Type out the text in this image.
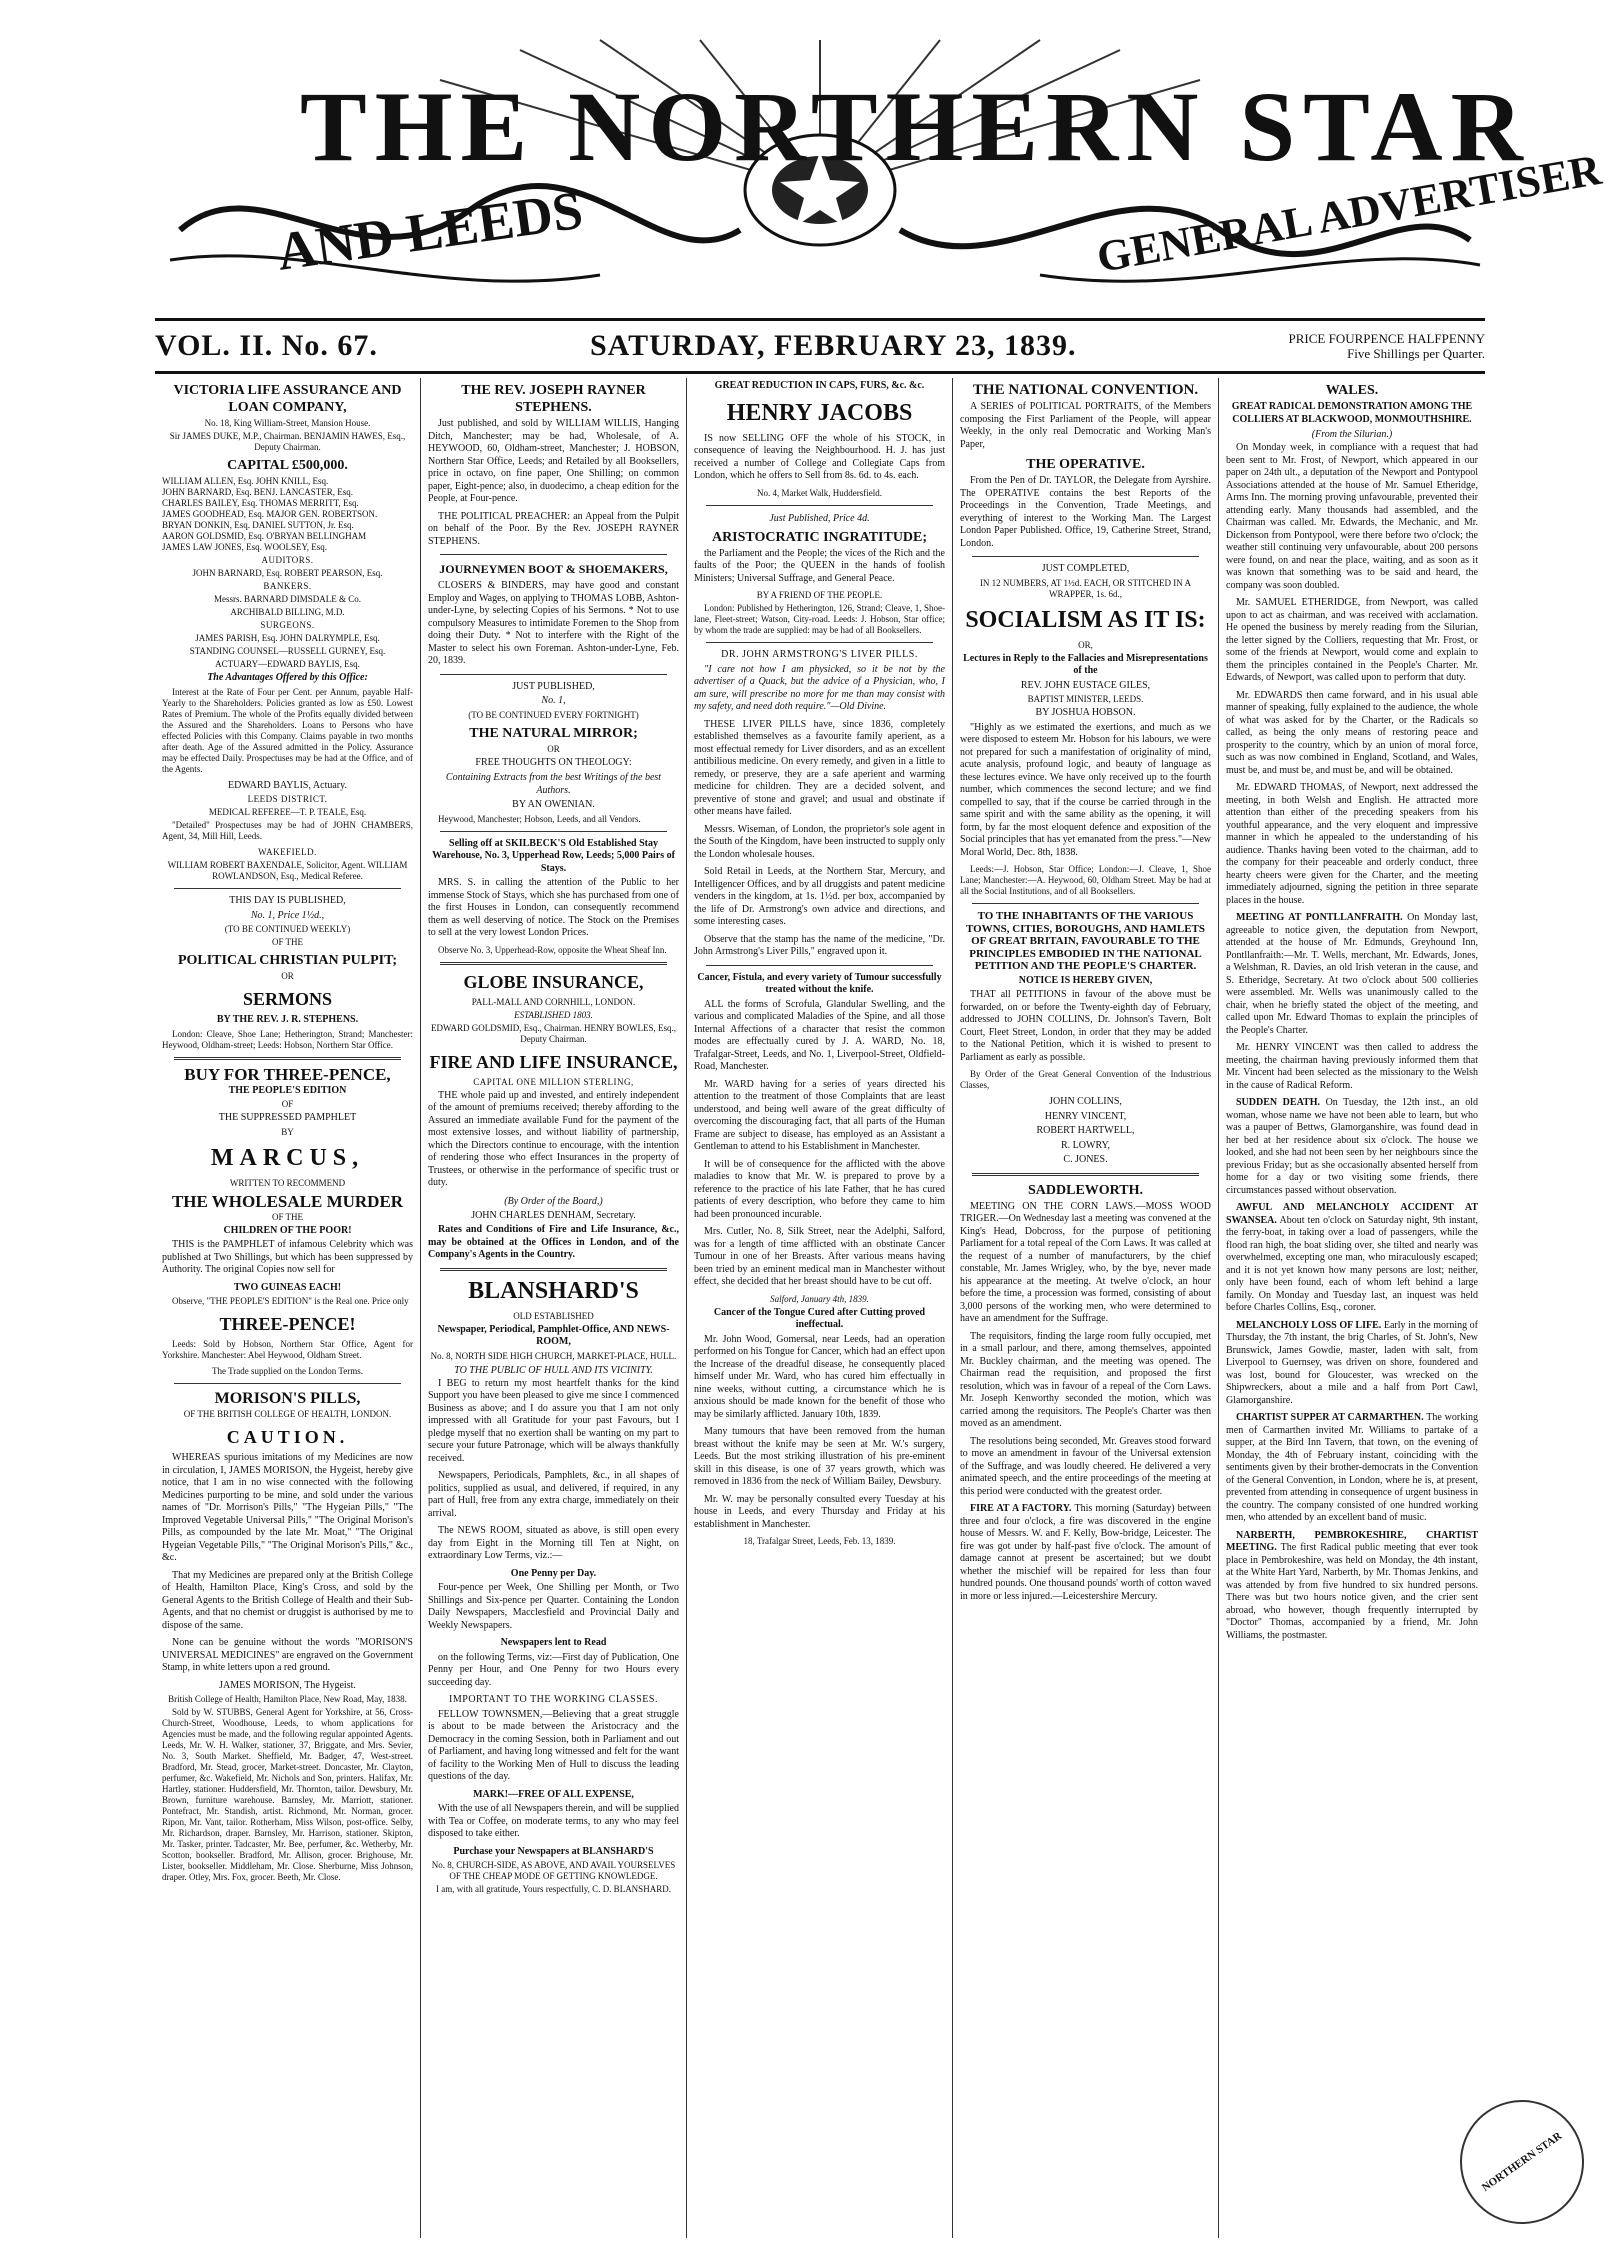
THE NORTHERN STAR
AND LEEDS	GENERAL ADVERTISER
VOL. II. No. 67.	SATURDAY, FEBRUARY 23, 1839.	PRICE FOURPENCE HALFPENNY
Five Shillings per Quarter.
VICTORIA LIFE ASSURANCE AND LOAN COMPANY,
No. 18, King William-Street, Mansion House.
Sir JAMES DUKE, M.P., Chairman. BENJAMIN HAWES, Esq., Deputy Chairman.
CAPITAL £500,000.
WILLIAM ALLEN, Esq. JOHN KNILL, Esq.
JOHN BARNARD, Esq. BENJ. LANCASTER, Esq.
CHARLES BAILEY, Esq. THOMAS MERRITT, Esq.
JAMES GOODHEAD, Esq. MAJOR GEN. ROBERTSON.
BRYAN DONKIN, Esq. DANIEL SUTTON, Jr. Esq.
AARON GOLDSMID, Esq. O'BRYAN BELLINGHAM
JAMES LAW JONES, Esq. WOOLSEY, Esq.
AUDITORS.
JOHN BARNARD, Esq. ROBERT PEARSON, Esq.
BANKERS.
Messrs. BARNARD DIMSDALE & Co.
ARCHIBALD BILLING, M.D.
SURGEONS.
JAMES PARISH, Esq. JOHN DALRYMPLE, Esq.
STANDING COUNSEL—RUSSELL GURNEY, Esq.
ACTUARY—EDWARD BAYLIS, Esq.
The Advantages Offered by this Office:

Interest at the Rate of Four per Cent. per Annum, payable Half-Yearly to the Shareholders. Policies granted as low as £50. Lowest Rates of Premium. The whole of the Profits equally divided between the Assured and the Shareholders. Loans to Persons who have effected Policies with this Company. Claims payable in two months after death. Age of the Assured admitted in the Policy. Assurance may be effected Daily. Prospectuses may be had at the Office, and of the Agents.

EDWARD BAYLIS, Actuary.
LEEDS DISTRICT.
MEDICAL REFEREE—T. P. TEALE, Esq.

"Detailed" Prospectuses may be had of JOHN CHAMBERS, Agent, 34, Mill Hill, Leeds.

WAKEFIELD.
WILLIAM ROBERT BAXENDALE, Solicitor, Agent. WILLIAM ROWLANDSON, Esq., Medical Referee.
THIS DAY IS PUBLISHED,
No. 1, Price 1½d.,
(TO BE CONTINUED WEEKLY)
OF THE
POLITICAL CHRISTIAN PULPIT;
OR
SERMONS
BY THE REV. J. R. STEPHENS.

London: Cleave, Shoe Lane; Hetherington, Strand; Manchester: Heywood, Oldham-street; Leeds: Hobson, Northern Star Office.

BUY FOR THREE-PENCE,
THE PEOPLE'S EDITION
OF
THE SUPPRESSED PAMPHLET
BY
MARCUS,
WRITTEN TO RECOMMEND
THE WHOLESALE MURDER
OF THE
CHILDREN OF THE POOR!

THIS is the PAMPHLET of infamous Celebrity which was published at Two Shillings, but which has been suppressed by Authority. The original Copies now sell for

TWO GUINEAS EACH!

Observe, "THE PEOPLE'S EDITION" is the Real one. Price only

THREE-PENCE!

Leeds: Sold by Hobson, Northern Star Office, Agent for Yorkshire. Manchester: Abel Heywood, Oldham Street.

The Trade supplied on the London Terms.
MORISON'S PILLS,
OF THE BRITISH COLLEGE OF HEALTH, LONDON.
CAUTION.

WHEREAS spurious imitations of my Medicines are now in circulation, I, JAMES MORISON, the Hygeist, hereby give notice, that I am in no wise connected with the following Medicines purporting to be mine, and sold under the various names of "Dr. Morrison's Pills," "The Hygeian Pills," "The Improved Vegetable Universal Pills," "The Original Morison's Pills, as compounded by the late Mr. Moat," "The Original Hygeian Vegetable Pills," "The Original Morison's Pills," &c., &c.

That my Medicines are prepared only at the British College of Health, Hamilton Place, King's Cross, and sold by the General Agents to the British College of Health and their Sub-Agents, and that no chemist or druggist is authorised by me to dispose of the same.

None can be genuine without the words "MORISON'S UNIVERSAL MEDICINES" are engraved on the Government Stamp, in white letters upon a red ground.

JAMES MORISON, The Hygeist.
British College of Health, Hamilton Place, New Road, May, 1838.

Sold by W. STUBBS, General Agent for Yorkshire, at 56, Cross-Church-Street, Woodhouse, Leeds, to whom applications for Agencies must be made, and the following regular appointed Agents. Leeds, Mr. W. H. Walker, stationer, 37, Briggate, and Mrs. Sevier, No. 3, South Market. Sheffield, Mr. Badger, 47, West-street. Bradford, Mr. Stead, grocer, Market-street. Doncaster, Mr. Clayton, perfumer, &c. Wakefield, Mr. Nichols and Son, printers. Halifax, Mr. Hartley, stationer. Huddersfield, Mr. Thornton, tailor. Dewsbury, Mr. Brown, furniture warehouse. Barnsley, Mr. Marriott, stationer. Pontefract, Mr. Standish, artist. Richmond, Mr. Norman, grocer. Ripon, Mr. Vant, tailor. Rotherham, Miss Wilson, post-office. Selby, Mr. Richardson, draper. Barnsley, Mr. Harrison, stationer. Skipton, Mr. Tasker, printer. Tadcaster, Mr. Bee, perfumer, &c. Wetherby, Mr. Scotton, bookseller. Bradford, Mr. Allison, grocer. Brighouse, Mr. Lister, bookseller. Middleham, Mr. Close. Sherburne, Miss Johnson, draper. Otley, Mrs. Fox, grocer. Beeth, Mr. Close.

THE REV. JOSEPH RAYNER STEPHENS.

Just published, and sold by WILLIAM WILLIS, Hanging Ditch, Manchester; may be had, Wholesale, of A. HEYWOOD, 60, Oldham-street, Manchester; J. HOBSON, Northern Star Office, Leeds; and Retailed by all Booksellers, price in octavo, on fine paper, One Shilling; on common paper, Eight-pence; also, in duodecimo, a cheap edition for the People, at Four-pence.

THE POLITICAL PREACHER: an Appeal from the Pulpit on behalf of the Poor. By the Rev. JOSEPH RAYNER STEPHENS.

JOURNEYMEN BOOT & SHOEMAKERS,

CLOSERS & BINDERS, may have good and constant Employ and Wages, on applying to THOMAS LOBB, Ashton-under-Lyne, by selecting Copies of his Sermons. * Not to use compulsory Measures to intimidate Foremen to the Shop from doing their Duty. * Not to interfere with the Right of the Master to select his own Foreman. Ashton-under-Lyne, Feb. 20, 1839.

JUST PUBLISHED,
No. 1,
(TO BE CONTINUED EVERY FORTNIGHT)
THE NATURAL MIRROR;
OR
FREE THOUGHTS ON THEOLOGY:
Containing Extracts from the best Writings of the best Authors.
BY AN OWENIAN.

Heywood, Manchester; Hobson, Leeds, and all Vendors.

Selling off at SKILBECK'S Old Established Stay Warehouse, No. 3, Upperhead Row, Leeds; 5,000 Pairs of Stays.

MRS. S. in calling the attention of the Public to her immense Stock of Stays, which she has purchased from one of the first Houses in London, can consequently recommend them as well deserving of notice. The Stock on the Premises to sell at the very lowest London Prices.

Observe No. 3, Upperhead-Row, opposite the Wheat Sheaf Inn.

GLOBE INSURANCE,
PALL-MALL AND CORNHILL, LONDON.
ESTABLISHED 1803.
EDWARD GOLDSMID, Esq., Chairman. HENRY BOWLES, Esq., Deputy Chairman.
FIRE AND LIFE INSURANCE,
CAPITAL ONE MILLION STERLING,

THE whole paid up and invested, and entirely independent of the amount of premiums received; thereby affording to the Assured an immediate available Fund for the payment of the most extensive losses, and without liability of partnership, which the Directors continue to encourage, with the intention of rendering those who effect Insurances in the property of Trustees, or otherwise in the performance of specific trust or duty.

(By Order of the Board,)
JOHN CHARLES DENHAM, Secretary.

Rates and Conditions of Fire and Life Insurance, &c., may be obtained at the Offices in London, and of the Company's Agents in the Country.

BLANSHARD'S
OLD ESTABLISHED
Newspaper, Periodical, Pamphlet-Office, AND NEWS-ROOM,
No. 8, NORTH SIDE HIGH CHURCH, MARKET-PLACE, HULL.
TO THE PUBLIC OF HULL AND ITS VICINITY.

I BEG to return my most heartfelt thanks for the kind Support you have been pleased to give me since I commenced Business as above; and I do assure you that I am not only impressed with all Gratitude for your past Favours, but I pledge myself that no exertion shall be wanting on my part to secure your future Patronage, which will be always thankfully received.

Newspapers, Periodicals, Pamphlets, &c., in all shapes of politics, supplied as usual, and delivered, if required, in any part of Hull, free from any extra charge, immediately on their arrival.

The NEWS ROOM, situated as above, is still open every day from Eight in the Morning till Ten at Night, on extraordinary Low Terms, viz.:—

One Penny per Day.

Four-pence per Week, One Shilling per Month, or Two Shillings and Six-pence per Quarter. Containing the London Daily Newspapers, Macclesfield and Provincial Daily and Weekly Newspapers.

Newspapers lent to Read

on the following Terms, viz:—First day of Publication, One Penny per Hour, and One Penny for two Hours every succeeding day.

IMPORTANT TO THE WORKING CLASSES.

FELLOW TOWNSMEN,—Believing that a great struggle is about to be made between the Aristocracy and the Democracy in the coming Session, both in Parliament and out of Parliament, and having long witnessed and felt for the want of facility to the Working Men of Hull to discuss the leading questions of the day.

MARK!—FREE OF ALL EXPENSE,

With the use of all Newspapers therein, and will be supplied with Tea or Coffee, on moderate terms, to any who may feel disposed to take either.

Purchase your Newspapers at BLANSHARD'S
No. 8, CHURCH-SIDE, AS ABOVE, AND AVAIL YOURSELVES OF THE CHEAP MODE OF GETTING KNOWLEDGE.
I am, with all gratitude, Yours respectfully, C. D. BLANSHARD.
GREAT REDUCTION IN CAPS, FURS, &c. &c.
HENRY JACOBS

IS now SELLING OFF the whole of his STOCK, in consequence of leaving the Neighbourhood. H. J. has just received a number of College and Collegiate Caps from London, which he offers to Sell from 8s. 6d. to 4s. each.

No. 4, Market Walk, Huddersfield.
Just Published, Price 4d.
ARISTOCRATIC INGRATITUDE;

the Parliament and the People; the vices of the Rich and the faults of the Poor; the QUEEN in the hands of foolish Ministers; Universal Suffrage, and General Peace.

BY A FRIEND OF THE PEOPLE.

London: Published by Hetherington, 126, Strand; Cleave, 1, Shoe-lane, Fleet-street; Watson, City-road. Leeds: J. Hobson, Star office; by whom the trade are supplied: may be had of all Booksellers.

DR. JOHN ARMSTRONG'S LIVER PILLS.

"I care not how I am physicked, so it be not by the advertiser of a Quack, but the advice of a Physician, who, I am sure, will prescribe no more for me than may consist with my safety, and need doth require."—Old Divine.

THESE LIVER PILLS have, since 1836, completely established themselves as a favourite family aperient, as a most effectual remedy for Liver disorders, and as an excellent antibilious medicine. On every remedy, and given in a little to remedy, or preserve, they are a safe aperient and warming medicine for children. They are a decided solvent, and preventive of stone and gravel; and usual and obstinate if other means have failed.

Messrs. Wiseman, of London, the proprietor's sole agent in the South of the Kingdom, have been instructed to supply only the London wholesale houses.

Sold Retail in Leeds, at the Northern Star, Mercury, and Intelligencer Offices, and by all druggists and patent medicine venders in the kingdom, at 1s. 1½d. per box, accompanied by the life of Dr. Armstrong's own advice and directions, and some interesting cases.

Observe that the stamp has the name of the medicine, "Dr. John Armstrong's Liver Pills," engraved upon it.

Cancer, Fistula, and every variety of Tumour successfully treated without the knife.

ALL the forms of Scrofula, Glandular Swelling, and the various and complicated Maladies of the Spine, and all those Internal Affections of a character that resist the common modes are effectually cured by J. A. WARD, No. 18, Trafalgar-Street, Leeds, and No. 1, Liverpool-Street, Oldfield-Road, Manchester.

Mr. WARD having for a series of years directed his attention to the treatment of those Complaints that are least understood, and being well aware of the great difficulty of overcoming the discouraging fact, that all parts of the Human Frame are subject to disease, has employed as an Assistant a Gentleman to attend to his Establishment in Manchester.

It will be of consequence for the afflicted with the above maladies to know that Mr. W. is prepared to prove by a reference to the practice of his late Father, that he has cured patients of every description, who before they came to him had been pronounced incurable.

Mrs. Cutler, No. 8, Silk Street, near the Adelphi, Salford, was for a length of time afflicted with an obstinate Cancer Tumour in one of her Breasts. After various means having been tried by an eminent medical man in Manchester without effect, she decided that her breast should have to be cut off.

Salford, January 4th, 1839.
Cancer of the Tongue Cured after Cutting proved ineffectual.

Mr. John Wood, Gomersal, near Leeds, had an operation performed on his Tongue for Cancer, which had an effect upon the Increase of the dreadful disease, he consequently placed himself under Mr. Ward, who has cured him effectually in nine weeks, without cutting, a circumstance which he is anxious should be made known for the benefit of those who may be similarly afflicted. January 10th, 1839.

Many tumours that have been removed from the human breast without the knife may be seen at Mr. W.'s surgery, Leeds. But the most striking illustration of his pre-eminent skill in this disease, is one of 37 years growth, which was removed in 1836 from the neck of William Bailey, Dewsbury.

Mr. W. may be personally consulted every Tuesday at his house in Leeds, and every Thursday and Friday at his establishment in Manchester.

18, Trafalgar Street, Leeds, Feb. 13, 1839.
THE NATIONAL CONVENTION.

A SERIES of POLITICAL PORTRAITS, of the Members composing the First Parliament of the People, will appear Weekly, in the only real Democratic and Working Man's Paper,

THE OPERATIVE.

From the Pen of Dr. TAYLOR, the Delegate from Ayrshire. The OPERATIVE contains the best Reports of the Proceedings in the Convention, Trade Meetings, and everything of interest to the Working Man. The Largest London Paper Published. Office, 19, Catherine Street, Strand, London.

JUST COMPLETED,
IN 12 NUMBERS, AT 1½d. EACH, OR STITCHED IN A WRAPPER, 1s. 6d.,
SOCIALISM AS IT IS:
OR,
Lectures in Reply to the Fallacies and Misrepresentations of the
REV. JOHN EUSTACE GILES,
BAPTIST MINISTER, LEEDS.
BY JOSHUA HOBSON.

"Highly as we estimated the exertions, and much as we were disposed to esteem Mr. Hobson for his labours, we were not prepared for such a manifestation of originality of mind, acute analysis, profound logic, and beauty of language as these lectures evince. We have only received up to the fourth number, which commences the second lecture; and we find compelled to say, that if the course be carried through in the same spirit and with the same ability as the opening, it will form, by far the most eloquent defence and exposition of the Social principles that has yet emanated from the press."—New Moral World, Dec. 8th, 1838.

Leeds:—J. Hobson, Star Office; London:—J. Cleave, 1, Shoe Lane; Manchester:—A. Heywood, 60, Oldham Street. May be had at all the Social Institutions, and of all Booksellers.

TO THE INHABITANTS OF THE VARIOUS TOWNS, CITIES, BOROUGHS, AND HAMLETS OF GREAT BRITAIN, FAVOURABLE TO THE PRINCIPLES EMBODIED IN THE NATIONAL PETITION AND THE PEOPLE'S CHARTER.
NOTICE IS HEREBY GIVEN,

THAT all PETITIONS in favour of the above must be forwarded, on or before the Twenty-eighth day of February, addressed to JOHN COLLINS, Dr. Johnson's Tavern, Bolt Court, Fleet Street, London, in order that they may be added to the National Petition, which it is wished to present to Parliament as early as possible.

By Order of the Great General Convention of the Industrious Classes,

JOHN COLLINS,
HENRY VINCENT,
ROBERT HARTWELL,
R. LOWRY,
C. JONES.
SADDLEWORTH.

MEETING ON THE CORN LAWS.—MOSS WOOD TRIGER.—On Wednesday last a meeting was convened at the King's Head, Dobcross, for the purpose of petitioning Parliament for a total repeal of the Corn Laws. It was called at the request of a number of manufacturers, by the chief constable, Mr. James Wrigley, who, by the bye, never made his appearance at the meeting. At twelve o'clock, an hour before the time, a procession was formed, consisting of about 3,000 persons of the working men, who were determined to have an amendment for the Suffrage.

The requisitors, finding the large room fully occupied, met in a small parlour, and there, among themselves, appointed Mr. Buckley chairman, and the meeting was opened. The Chairman read the requisition, and proposed the first resolution, which was in favour of a repeal of the Corn Laws. Mr. Joseph Kenworthy seconded the motion, which was carried among the requisitors. The People's Charter was then moved as an amendment.

The resolutions being seconded, Mr. Greaves stood forward to move an amendment in favour of the Universal extension of the Suffrage, and was loudly cheered. He delivered a very animated speech, and the entire proceedings of the meeting at this period were conducted with the greatest order.

FIRE AT A FACTORY. This morning (Saturday) between three and four o'clock, a fire was discovered in the engine house of Messrs. W. and F. Kelly, Bow-bridge, Leicester. The fire was got under by half-past five o'clock. The amount of damage cannot at present be ascertained; but we doubt whether the mischief will be repaired for less than four hundred pounds. One thousand pounds' worth of cotton waved in more or less injured.—Leicestershire Mercury.

WALES.
GREAT RADICAL DEMONSTRATION AMONG THE COLLIERS AT BLACKWOOD, MONMOUTHSHIRE.
(From the Silurian.)

On Monday week, in compliance with a request that had been sent to Mr. Frost, of Newport, which appeared in our paper on 24th ult., a deputation of the Newport and Pontypool Associations attended at the house of Mr. Samuel Etheridge, Arms Inn. The morning proving unfavourable, prevented their attending early. Many thousands had assembled, and the Chairman was called. Mr. Edwards, the Mechanic, and Mr. Dickenson from Pontypool, were there before two o'clock; the weather still continuing very unfavourable, about 200 persons were found, on and near the place, waiting, and as soon as it was known that something was to be said and heard, the company was soon doubled.

Mr. SAMUEL ETHERIDGE, from Newport, was called upon to act as chairman, and was received with acclamation. He opened the business by merely reading from the Silurian, the letter signed by the Colliers, requesting that Mr. Frost, or some of the friends at Newport, would come and explain to them the principles contained in the People's Charter. Mr. Edwards, of Newport, was called upon to perform that duty.

Mr. EDWARDS then came forward, and in his usual able manner of speaking, fully explained to the audience, the whole of what was asked for by the Charter, or the Radicals so called, as being the only means of restoring peace and prosperity to the country, which by an union of moral force, such as was now combined in England, Scotland, and Wales, must be, and must be, and must be, and will be obtained.

Mr. EDWARD THOMAS, of Newport, next addressed the meeting, in both Welsh and English. He attracted more attention than either of the preceding speakers from his youthful appearance, and the very eloquent and impressive manner in which he appealed to the understanding of his audience. Thanks having been voted to the chairman, add to the company for their peaceable and orderly conduct, three hearty cheers were given for the Charter, and the meeting immediately adjourned, signing the petition in three separate places in the house.

MEETING AT PONTLLANFRAITH. On Monday last, agreeable to notice given, the deputation from Newport, attended at the house of Mr. Edmunds, Greyhound Inn, Pontllanfraith:—Mr. T. Wells, merchant, Mr. Edwards, Jones, a Welshman, R. Davies, an old Irish veteran in the cause, and S. Etheridge, Secretary. At two o'clock about 500 collieries were assembled. Mr. Wells was unanimously called to the chair, when he briefly stated the object of the meeting, and called upon Mr. Edward Thomas to explain the principles of the People's Charter.

Mr. HENRY VINCENT was then called to address the meeting, the chairman having previously informed them that Mr. Vincent had been selected as the missionary to the Welsh in the cause of Radical Reform.

SUDDEN DEATH. On Tuesday, the 12th inst., an old woman, whose name we have not been able to learn, but who was a pauper of Bettws, Glamorganshire, was found dead in her bed at her residence about six o'clock. The house we looked, and she had not been seen by her neighbours since the previous Friday; but as she occasionally absented herself from home for a day or two visiting some friends, there circumstances passed without observation.

AWFUL AND MELANCHOLY ACCIDENT AT SWANSEA. About ten o'clock on Saturday night, 9th instant, the ferry-boat, in taking over a load of passengers, while the flood ran high, the boat sliding over, she tilted and nearly was overwhelmed, excepting one man, who miraculously escaped; and it is not yet known how many persons are lost; neither, only have been found, each of whom left behind a large family. On Monday and Tuesday last, an inquest was held before Charles Collins, Esq., coroner.

MELANCHOLY LOSS OF LIFE. Early in the morning of Thursday, the 7th instant, the brig Charles, of St. John's, New Brunswick, James Gowdie, master, laden with salt, from Liverpool to Guernsey, was driven on shore, foundered and was lost, bound for Gloucester, was wrecked on the Shipwreckers, about a mile and a half from Port Cawl, Glamorganshire.

CHARTIST SUPPER AT CARMARTHEN. The working men of Carmarthen invited Mr. Williams to partake of a supper, at the Bird Inn Tavern, that town, on the evening of Monday, the 4th of February instant, coinciding with the sentiments given by their brother-democrats in the Convention of the General Convention, in London, where he is, at present, prevented from attending in consequence of urgent business in the country. The company consisted of one hundred working men, who attended by an excellent band of music.

NARBERTH, PEMBROKESHIRE, CHARTIST MEETING. The first Radical public meeting that ever took place in Pembrokeshire, was held on Monday, the 4th instant, at the White Hart Yard, Narberth, by Mr. Thomas Jenkins, and was attended by from five hundred to six hundred persons. There was but two hours notice given, and the crier sent abroad, who however, though frequently interrupted by "Doctor" Thomas, accompanied by a friend, Mr. John Williams, the postmaster.

NORTHERN STAR
